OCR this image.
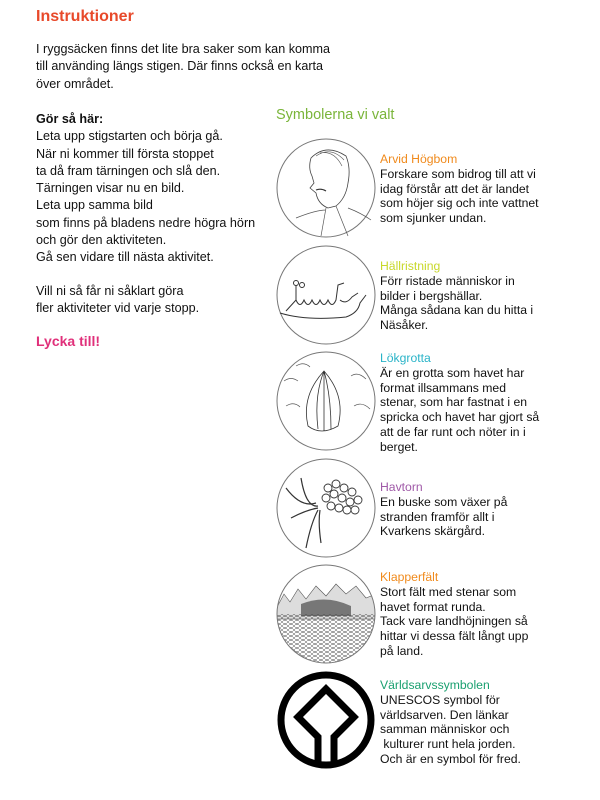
Instruktioner
I ryggsäcken finns det lite bra saker som kan komma
till använding längs stigen. Där finns också en karta
över området.
Gör så här:
Leta upp stigstarten och börja gå.
När ni kommer till första stoppet
ta då fram tärningen och slå den.
Tärningen visar nu en bild.
Leta upp samma bild
som finns på bladens nedre högra hörn
och gör den aktiviteten.
Gå sen vidare till nästa aktivitet.
Vill ni så får ni såklart göra
fler aktiviteter vid varje stopp.
Lycka till!
Symbolerna vi valt
Arvid Högbom
Forskare som bidrog till att vi
idag förstår att det är landet
som höjer sig och inte vattnet
som sjunker undan.
Hällristning
Förr ristade människor in
bilder i bergshällar.
Många sådana kan du hitta i
Näsåker.
Lökgrotta
Är en grotta som havet har
format illsammans med
stenar, som har fastnat i en
spricka och havet har gjort så
att de far runt och nöter in i
berget.
Havtorn
En buske som växer på
stranden framför allt i
Kvarkens skärgård.
Klapperfält
Stort fält med stenar som
havet format runda.
Tack vare landhöjningen så
hittar vi dessa fält långt upp
på land.
Världsarvssymbolen
UNESCOS symbol för
världsarven. Den länkar
samman människor och
kulturer runt hela jorden.
Och är en symbol för fred.
